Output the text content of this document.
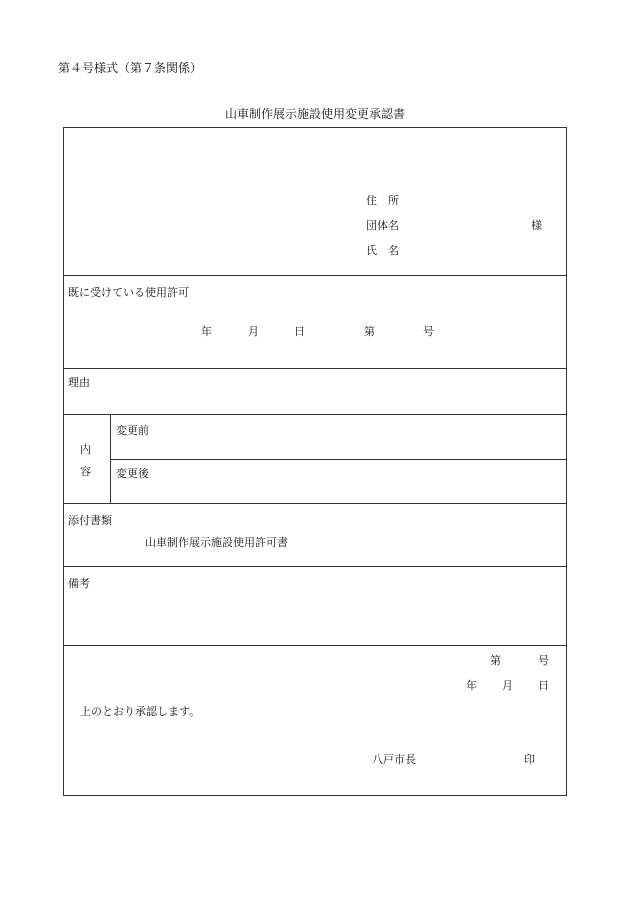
第４号様式（第７条関係）
山車制作展示施設使用変更承認書
住　所
団体名	様
氏　名
既に受けている使用許可
年	月	日	第	号
理由
内
容
変更前
変更後
添付書類
山車制作展示施設使用許可書
備考
第	号
年 月 日
上のとおり承認します。
八戸市長	印
